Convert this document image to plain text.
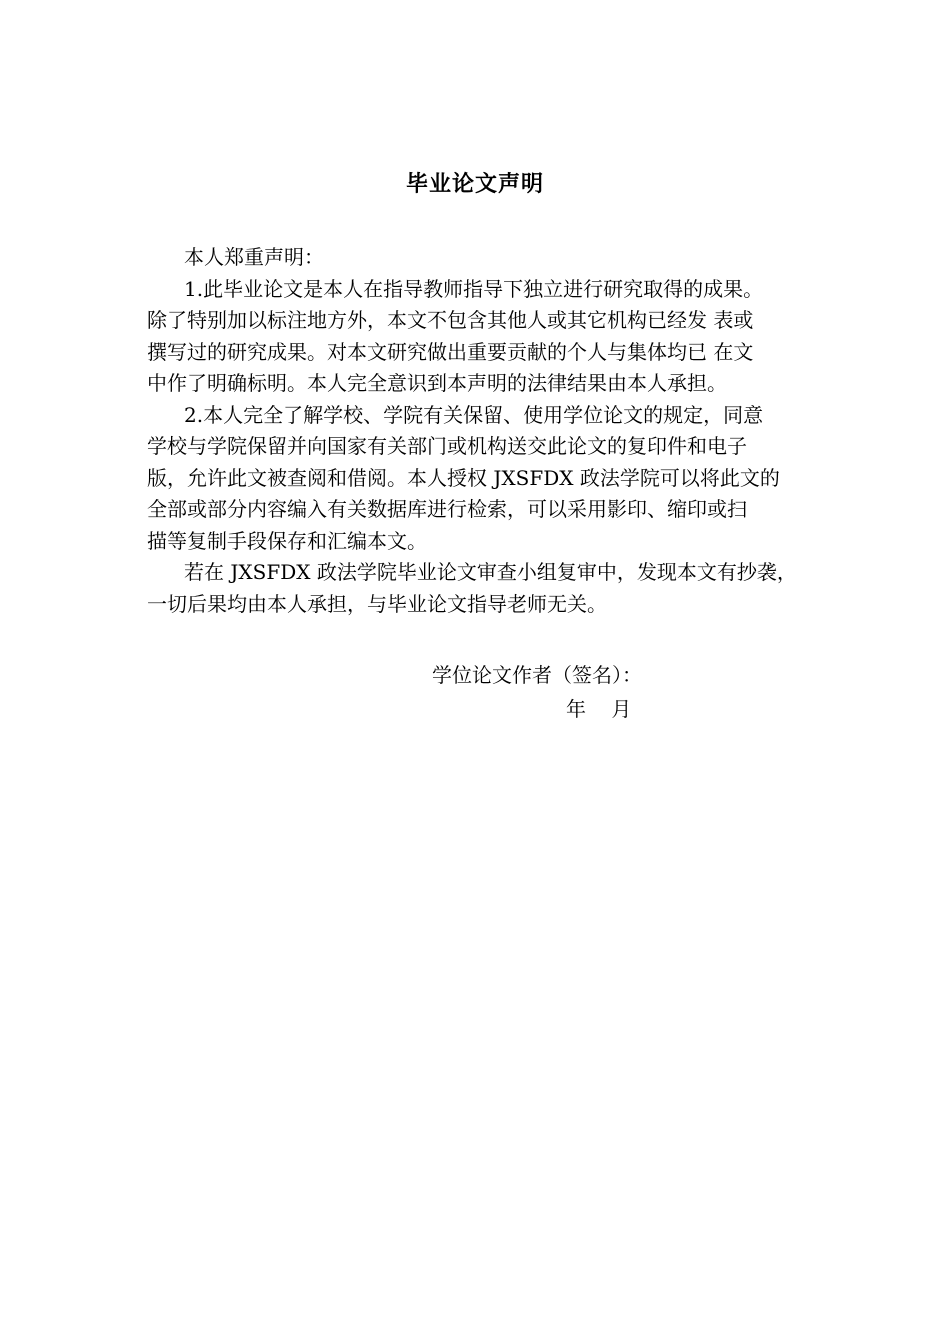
毕业论文声明

本人郑重声明：

1.此毕业论文是本人在指导教师指导下独立进行研究取得的成果。
除了特别加以标注地方外，本文不包含其他人或其它机构已经发 表或
撰写过的研究成果。对本文研究做出重要贡献的个人与集体均已 在文
中作了明确标明。本人完全意识到本声明的法律结果由本人承担。
2.本人完全了解学校、学院有关保留、使用学位论文的规定，同意
学校与学院保留并向国家有关部门或机构送交此论文的复印件和电子
版，允许此文被查阅和借阅。本人授权 JXSFDX 政法学院可以将此文的
全部或部分内容编入有关数据库进行检索，可以采用影印、缩印或扫
描等复制手段保存和汇编本文。
若在 JXSFDX 政法学院毕业论文审查小组复审中，发现本文有抄袭，
一切后果均由本人承担，与毕业论文指导老师无关。
学位论文作者（签名）：
年    月
